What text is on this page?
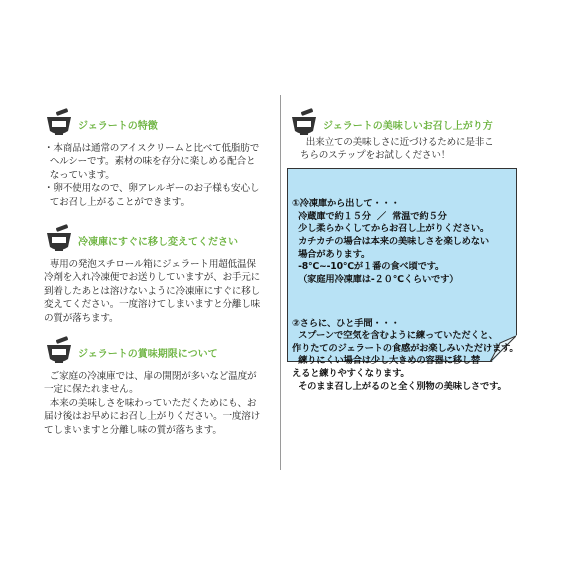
ジェラートの特徴
・本商品は通常のアイスクリームと比べて低脂肪で
ヘルシーです。素材の味を存分に楽しめる配合と
なっています。
・卵不使用なので、卵アレルギーのお子様も安心し
てお召し上がることができます。
冷凍庫にすぐに移し変えてください
専用の発泡スチロール箱にジェラート用超低温保
冷剤を入れ冷凍便でお送りしていますが、お手元に
到着したあとは溶けないように冷凍庫にすぐに移し
変えてください。一度溶けてしまいますと分離し味
の質が落ちます。
ジェラートの賞味期限について
ご家庭の冷凍庫では、扉の開閉が多いなど温度が
一定に保たれません。
本来の美味しさを味わっていただくためにも、お
届け後はお早めにお召し上がりください。一度溶け
てしまいますと分離し味の質が落ちます。
ジェラートの美味しいお召し上がり方
出来立ての美味しさに近づけるために是非こ
ちらのステップをお試しください！

①冷凍庫から出して・・・
冷蔵庫で約１５分  ／  常温で約５分
少し柔らかくしてからお召し上がりください。
カチカチの場合は本来の美味しさを楽しめない
場合があります。
-8℃~-10℃が１番の食べ頃です。
（家庭用冷凍庫は-２０℃くらいです）

②さらに、ひと手間・・・
スプーンで空気を含むように練っていただくと、
作りたてのジェラートの食感がお楽しみいただけます。
練りにくい場合は少し大きめの容器に移し替
えると練りやすくなります。
そのまま召し上がるのと全く別物の美味しさです。
